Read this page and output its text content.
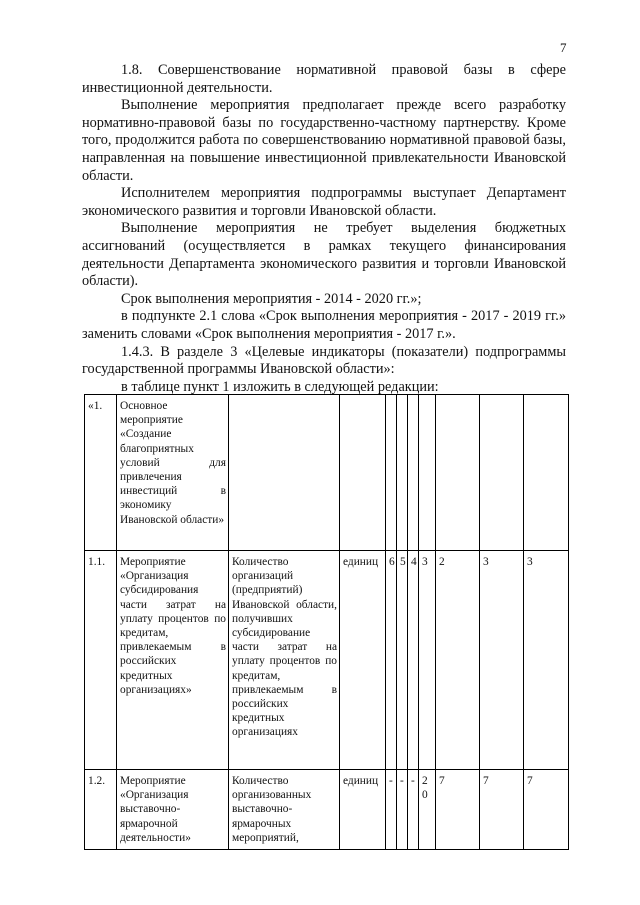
7

1.8. Совершенствование нормативной правовой базы в сфере инвестиционной деятельности.

Выполнение мероприятия предполагает прежде всего разработку нормативно-правовой базы по государственно-частному партнерству. Кроме того, продолжится работа по совершенствованию нормативной правовой базы, направленная на повышение инвестиционной привлекательности Ивановской области.

Исполнителем мероприятия подпрограммы выступает Департамент экономического развития и торговли Ивановской области.

Выполнение мероприятия не требует выделения бюджетных ассигнований (осуществляется в рамках текущего финансирования деятельности Департамента экономического развития и торговли Ивановской области).

Срок выполнения мероприятия - 2014 - 2020 гг.»;

в подпункте 2.1 слова «Срок выполнения мероприятия - 2017 - 2019 гг.» заменить словами «Срок выполнения мероприятия - 2017 г.».

1.4.3. В разделе 3 «Целевые индикаторы (показатели) подпрограммы государственной программы Ивановской области»:

в таблице пункт 1 изложить в следующей редакции:

«1.	Основное мероприятие «Создание благоприятных условий для привлечения инвестиций в экономику Ивановской области»									
1.1.	Мероприятие «Организация субсидирования части затрат на уплату процентов по кредитам, привлекаемым в российских кредитных организациях»	Количество организаций (предприятий) Ивановской области, получивших субсидирование части затрат на уплату процентов по кредитам, привлекаемым в российских кредитных организациях	единиц	6	5	4	3	2	3	3
1.2.	Мероприятие «Организация выставочно-ярмарочной деятельности»	Количество организованных выставочно-ярмарочных мероприятий,	единиц	-	-	-	20	7	7	7
